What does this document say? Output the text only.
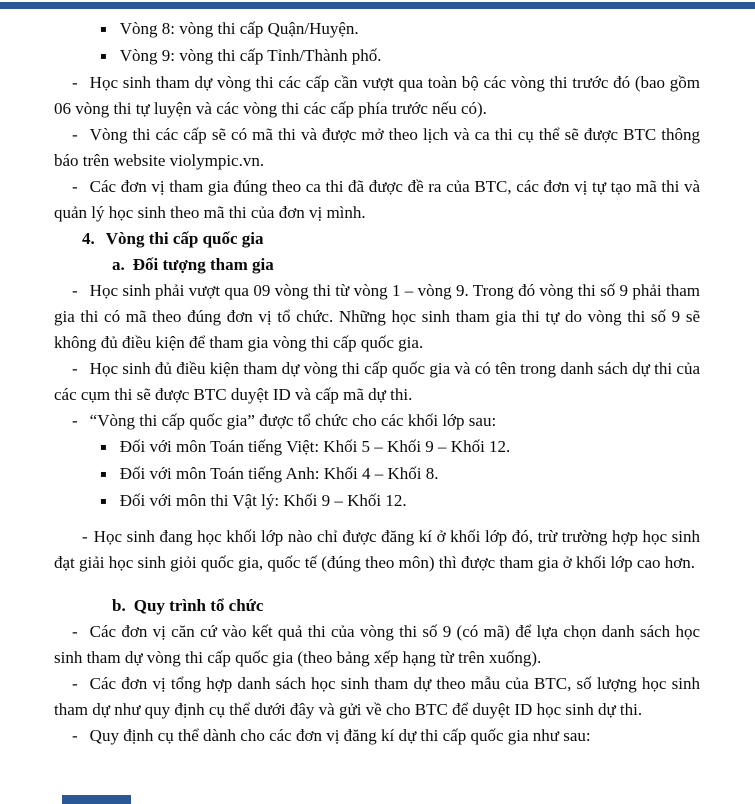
▪ Vòng 8: vòng thi cấp Quận/Huyện.

▪ Vòng 9: vòng thi cấp Tỉnh/Thành phố.

- Học sinh tham dự vòng thi các cấp cần vượt qua toàn bộ các vòng thi trước đó (bao gồm 06 vòng thi tự luyện và các vòng thi các cấp phía trước nếu có).

- Vòng thi các cấp sẽ có mã thi và được mở theo lịch và ca thi cụ thể sẽ được BTC thông báo trên website violympic.vn.

- Các đơn vị tham gia đúng theo ca thi đã được đề ra của BTC, các đơn vị tự tạo mã thi và quản lý học sinh theo mã thi của đơn vị mình.

4. Vòng thi cấp quốc gia

a. Đối tượng tham gia

- Học sinh phải vượt qua 09 vòng thi từ vòng 1 – vòng 9. Trong đó vòng thi số 9 phải tham gia thi có mã theo đúng đơn vị tổ chức. Những học sinh tham gia thi tự do vòng thi số 9 sẽ không đủ điều kiện để tham gia vòng thi cấp quốc gia.

- Học sinh đủ điều kiện tham dự vòng thi cấp quốc gia và có tên trong danh sách dự thi của các cụm thi sẽ được BTC duyệt ID và cấp mã dự thi.

- “Vòng thi cấp quốc gia” được tổ chức cho các khối lớp sau:

▪ Đối với môn Toán tiếng Việt: Khối 5 – Khối 9 – Khối 12.

▪ Đối với môn Toán tiếng Anh: Khối 4 – Khối 8.

▪ Đối với môn thi Vật lý: Khối 9 – Khối 12.

- Học sinh đang học khối lớp nào chỉ được đăng kí ở khối lớp đó, trừ trường hợp học sinh đạt giải học sinh giỏi quốc gia, quốc tế (đúng theo môn) thì được tham gia ở khối lớp cao hơn.

b. Quy trình tổ chức

- Các đơn vị căn cứ vào kết quả thi của vòng thi số 9 (có mã) để lựa chọn danh sách học sinh tham dự vòng thi cấp quốc gia (theo bảng xếp hạng từ trên xuống).

- Các đơn vị tổng hợp danh sách học sinh tham dự theo mẫu của BTC, số lượng học sinh tham dự như quy định cụ thể dưới đây và gửi về cho BTC để duyệt ID học sinh dự thi.

- Quy định cụ thể dành cho các đơn vị đăng kí dự thi cấp quốc gia như sau:
